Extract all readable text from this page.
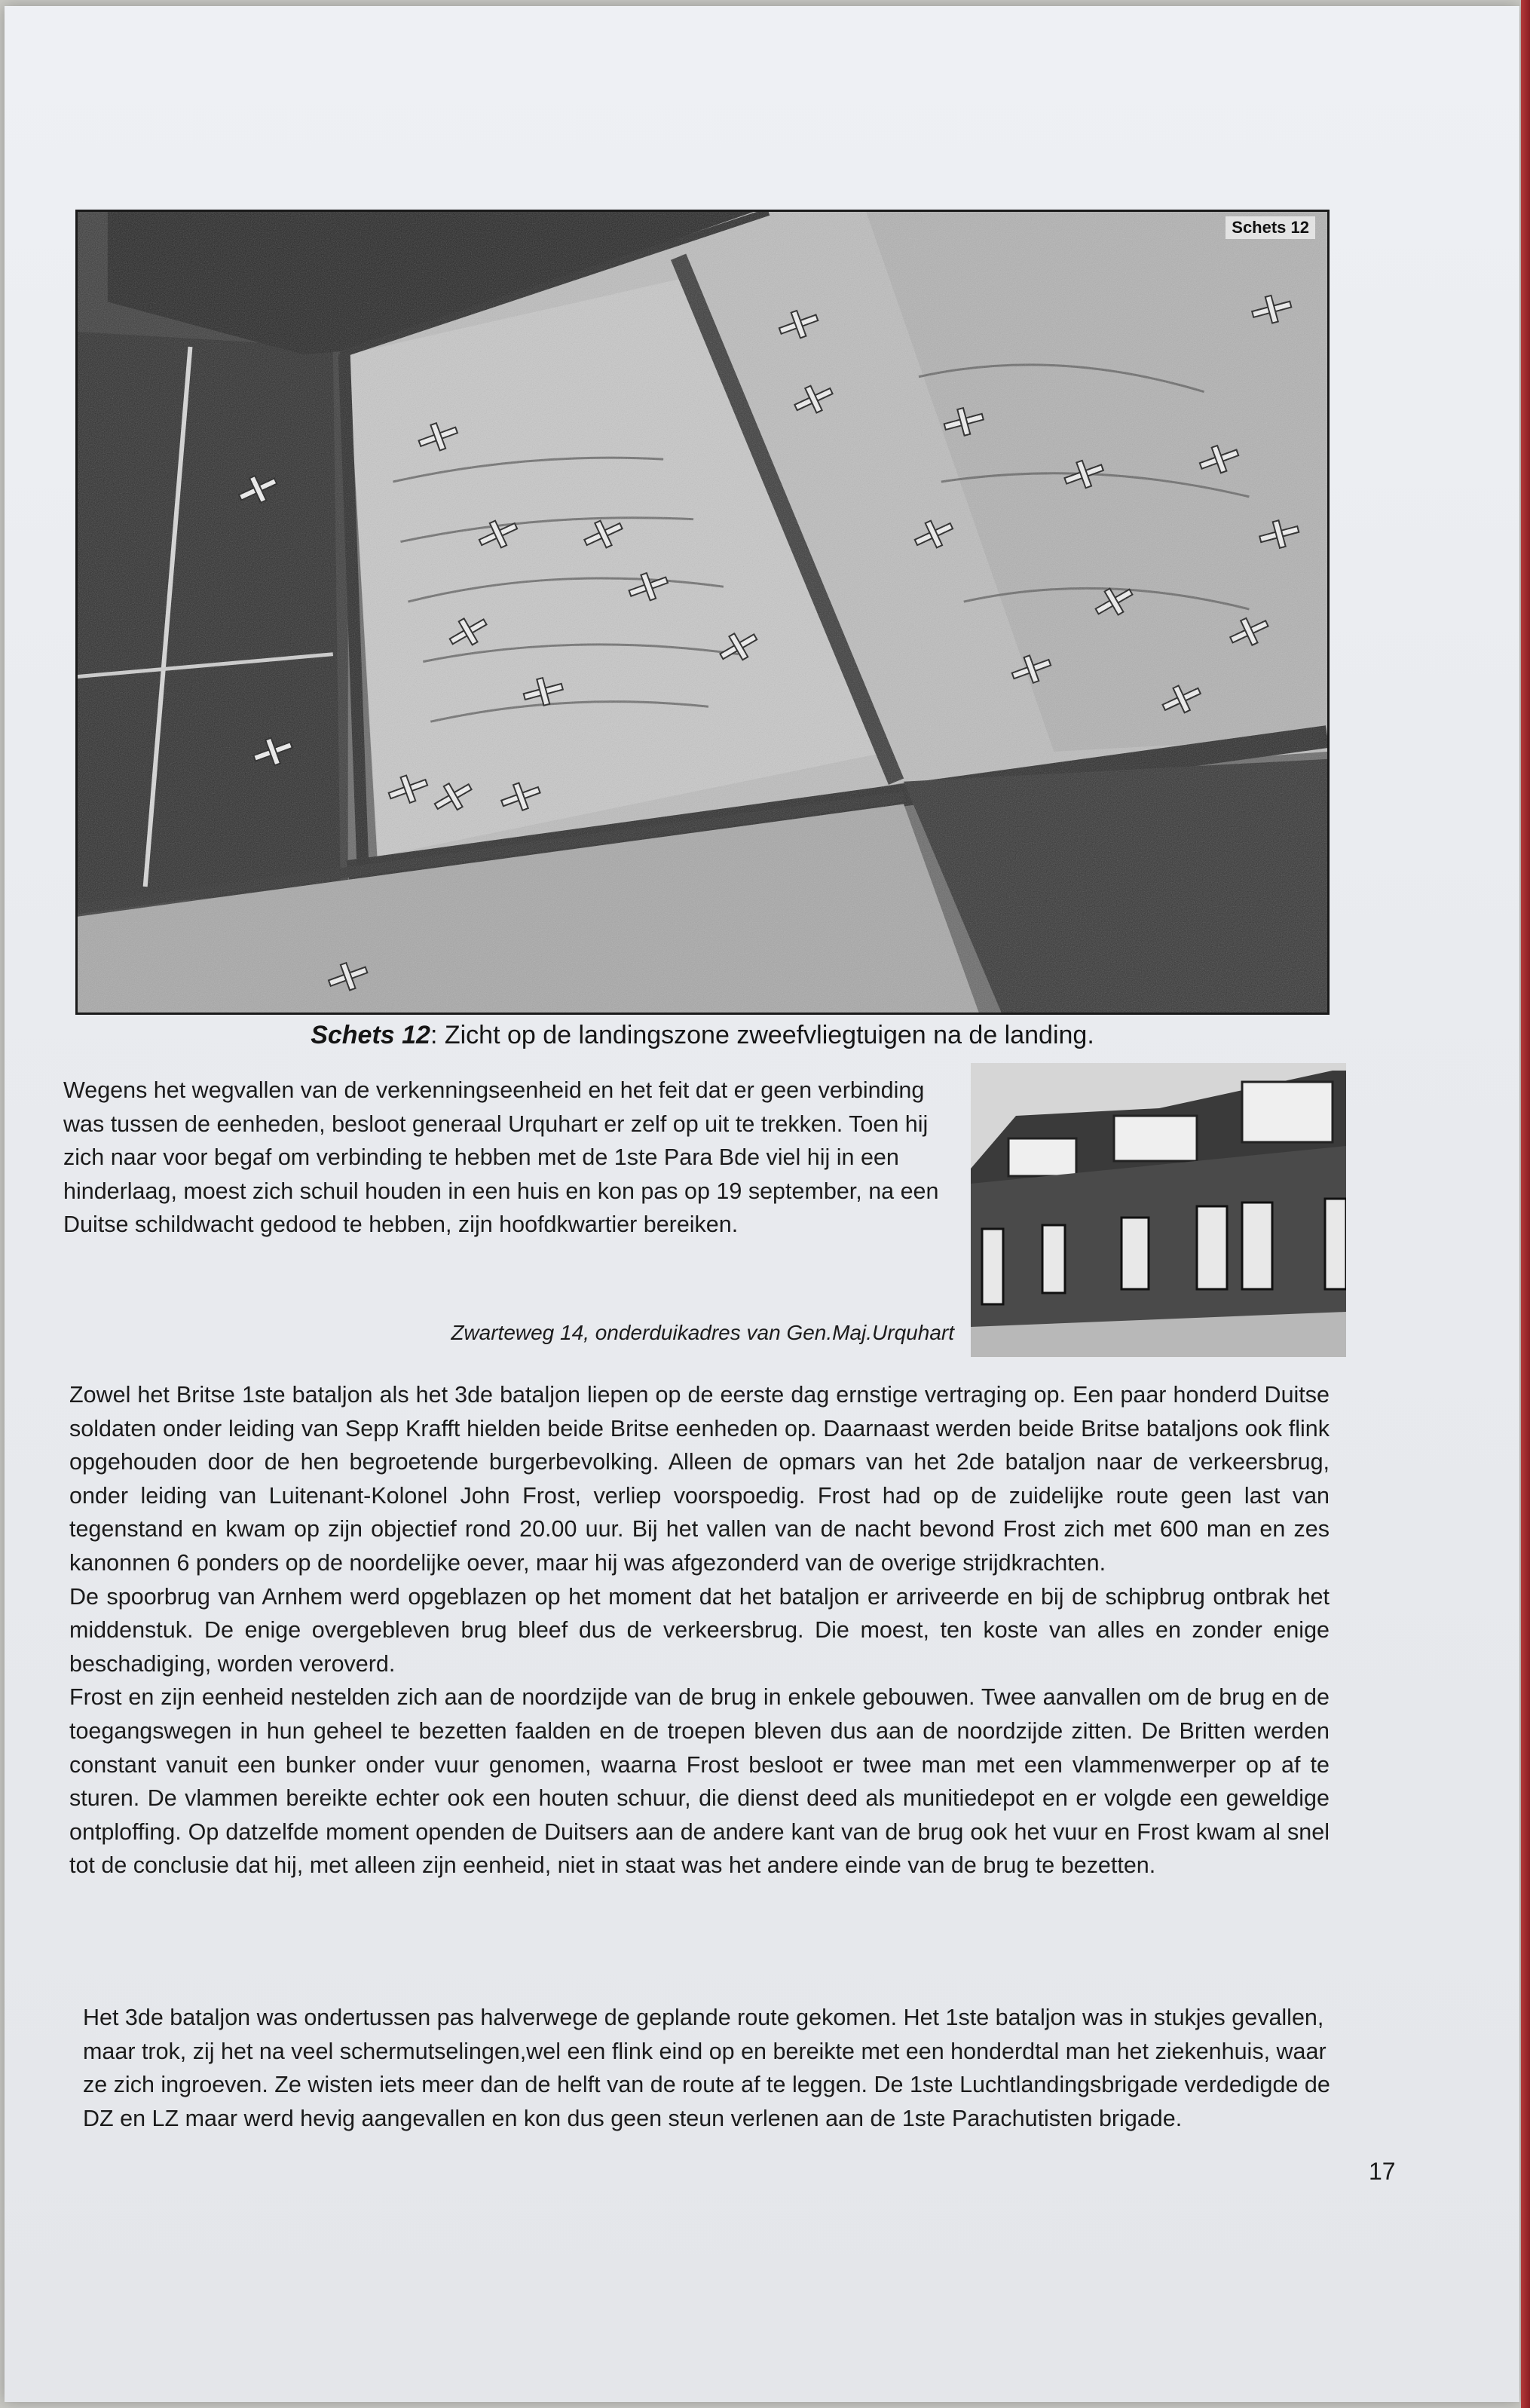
Schets 12
Schets 12: Zicht op de landingszone zweefvliegtuigen na de landing.
Wegens het wegvallen van de verkenningseenheid en het feit dat er geen verbinding was tussen de eenheden, besloot generaal Urquhart er zelf op uit te trekken. Toen hij zich naar voor begaf om verbinding te hebben met de 1ste Para Bde viel hij in een hinderlaag, moest zich schuil houden in een huis en kon pas op 19 september, na een Duitse schildwacht gedood te hebben, zijn hoofdkwartier bereiken.
Zwarteweg 14, onderduikadres van Gen.Maj.Urquhart

Zowel het Britse 1ste bataljon als het 3de bataljon liepen op de eerste dag ernstige vertraging op. Een paar honderd Duitse soldaten onder leiding van Sepp Krafft hielden beide Britse eenheden op. Daarnaast werden beide Britse bataljons ook flink opgehouden door de hen begroetende burgerbevolking. Alleen de opmars van het 2de bataljon naar de verkeersbrug, onder leiding van Luitenant-Kolonel John Frost, verliep voorspoedig. Frost had op de zuidelijke route geen last van tegenstand en kwam op zijn objectief rond 20.00 uur. Bij het vallen van de nacht bevond Frost zich met 600 man en zes kanonnen 6 ponders op de noordelijke oever, maar hij was afgezonderd van de overige strijdkrachten.

De spoorbrug van Arnhem werd opgeblazen op het moment dat het bataljon er arriveerde en bij de schipbrug ontbrak het middenstuk. De enige overgebleven brug bleef dus de verkeersbrug. Die moest, ten koste van alles en zonder enige beschadiging, worden veroverd.

Frost en zijn eenheid nestelden zich aan de noordzijde van de brug in enkele gebouwen. Twee aanvallen om de brug en de toegangswegen in hun geheel te bezetten faalden en de troepen bleven dus aan de noordzijde zitten. De Britten werden constant vanuit een bunker onder vuur genomen, waarna Frost besloot er twee man met een vlammenwerper op af te sturen. De vlammen bereikte echter ook een houten schuur, die dienst deed als munitiedepot en er volgde een geweldige ontploffing. Op datzelfde moment openden de Duitsers aan de andere kant van de brug ook het vuur en Frost kwam al snel tot de conclusie dat hij, met alleen zijn eenheid, niet in staat was het andere einde van de brug te bezetten.

Het 3de bataljon was ondertussen pas halverwege de geplande route gekomen. Het 1ste bataljon was in stukjes gevallen, maar trok, zij het na veel schermutselingen,wel een flink eind op en bereikte met een honderdtal man het ziekenhuis, waar ze zich ingroeven. Ze wisten iets meer dan de helft van de route af te leggen. De 1ste Luchtlandingsbrigade verdedigde de DZ en LZ maar werd hevig aangevallen en kon dus geen steun verlenen aan de 1ste Parachutisten brigade.
17
